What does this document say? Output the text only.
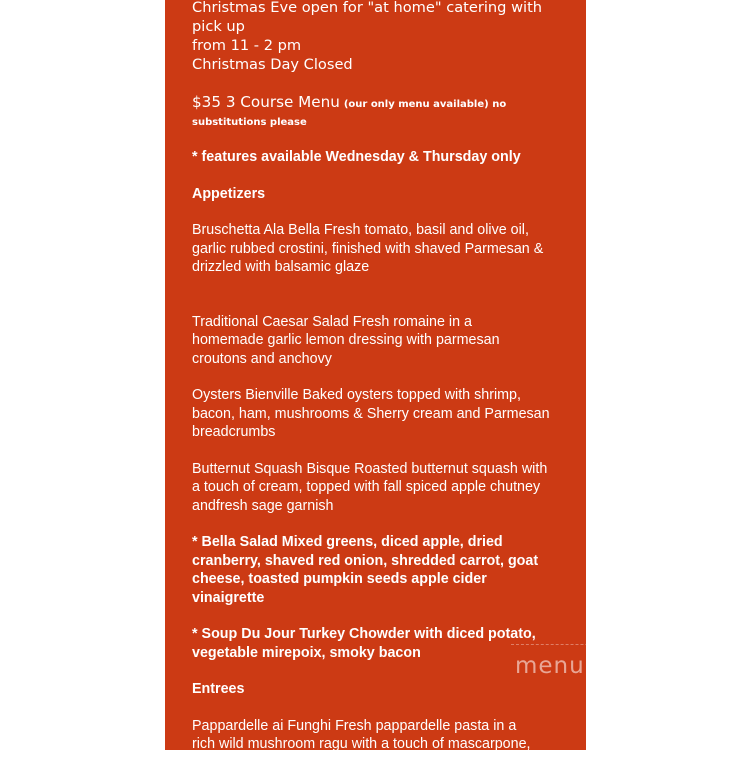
Christmas Eve open for "at home" catering with pick up

from 11 - 2 pm

Christmas Day Closed

$35 3 Course Menu (our only menu available) no

substitutions please

* features available Wednesday & Thursday only

Appetizers

Bruschetta Ala Bella Fresh tomato, basil and olive oil,

garlic rubbed crostini, finished with shaved Parmesan &

drizzled with balsamic glaze

Traditional Caesar Salad Fresh romaine in a

homemade garlic lemon dressing with parmesan

croutons and anchovy

Oysters Bienville Baked oysters topped with shrimp,

bacon, ham, mushrooms & Sherry cream and Parmesan

breadcrumbs

Butternut Squash Bisque Roasted butternut squash with

a touch of cream, topped with fall spiced apple chutney

andfresh sage garnish

* Bella Salad Mixed greens, diced apple, dried

cranberry, shaved red onion, shredded carrot, goat

cheese, toasted pumpkin seeds apple cider

vinaigrette

* Soup Du Jour Turkey Chowder with diced potato,

vegetable mirepoix, smoky bacon

Entrees

Pappardelle ai Funghi Fresh pappardelle pasta in a

rich wild mushroom ragu with a touch of mascarpone,

sautéed breast ofchicken, finished with shaved

menupix
